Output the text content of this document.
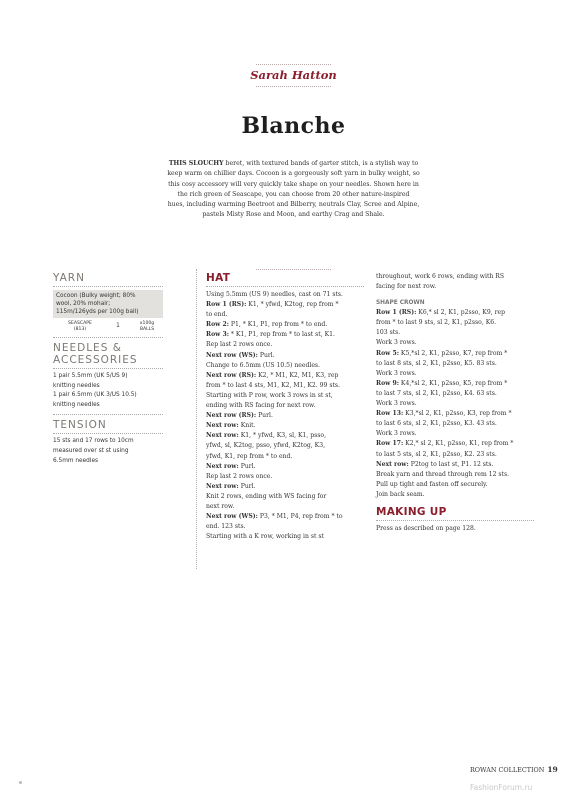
Sarah Hatton
Blanche
THIS SLOUCHY beret, with textured bands of garter stitch, is a stylish way to
keep warm on chillier days. Cocoon is a gorgeously soft yarn in bulky weight, so
this cosy accessory will very quickly take shape on your needles. Shown here in
the rich green of Seascape, you can choose from 20 other nature-inspired
hues, including warming Beetroot and Bilberry, neutrals Clay, Scree and Alpine,
pastels Misty Rose and Moon, and earthy Crag and Shale.
YARN
Cocoon (Bulky weight; 80%
wool, 20% mohair;
115m/126yds per 100g ball)
SEASCAPE
(813)
1	x100g
BALLS
NEEDLES &
ACCESSORIES
1 pair 5.5mm (UK 5/US 9)
knitting needles
1 pair 6.5mm (UK 3/US 10.5)
knitting needles
TENSION
15 sts and 17 rows to 10cm
measured over st st using
6.5mm needles
HAT
Using 5.5mm (US 9) needles, cast on 71 sts.
Row 1 (RS): K1, * yfwd, K2tog, rep from *
to end.
Row 2: P1, * K1, P1, rep from * to end.
Row 3: * K1, P1, rep from * to last st, K1.
Rep last 2 rows once.
Next row (WS): Purl.
Change to 6.5mm (US 10.5) needles.
Next row (RS): K2, * M1, K2, M1, K3, rep
from * to last 4 sts, M1, K2, M1, K2. 99 sts.
Starting with P row, work 3 rows in st st,
ending with RS facing for next row.
Next row (RS): Purl.
Next row: Knit.
Next row: K1, * yfwd, K3, sl, K1, psso,
yfwd, sl, K2tog, psso, yfwd, K2tog, K3,
yfwd, K1, rep from * to end.
Next row: Purl.
Rep last 2 rows once.
Next row: Purl.
Knit 2 rows, ending with WS facing for
next row.
Next row (WS): P3, * M1, P4, rep from * to
end. 123 sts.
Starting with a K row, working in st st
throughout, work 6 rows, ending with RS
facing for next row.
SHAPE CROWN
Row 1 (RS): K6,* sl 2, K1, p2sso, K9, rep
from * to last 9 sts, sl 2, K1, p2sso, K6.
103 sts.
Work 3 rows.
Row 5: K5,*sl 2, K1, p2sso, K7, rep from *
to last 8 sts, sl 2, K1, p2sso, K5. 83 sts.
Work 3 rows.
Row 9: K4,*sl 2, K1, p2sso, K5, rep from *
to last 7 sts, sl 2, K1, p2sso, K4. 63 sts.
Work 3 rows.
Row 13: K3,*sl 2, K1, p2sso, K3, rep from *
to last 6 sts, sl 2, K1, p2sso, K3. 43 sts.
Work 3 rows.
Row 17: K2,* sl 2, K1, p2sso, K1, rep from *
to last 5 sts, sl 2, K1, p2sso, K2. 23 sts.
Next row: P2tog to last st, P1. 12 sts.
Break yarn and thread through rem 12 sts.
Pull up tight and fasten off securely.
Join back seam.
MAKING UP
Press as described on page 128.
ROWAN COLLECTION 19
FashionForum.ru
